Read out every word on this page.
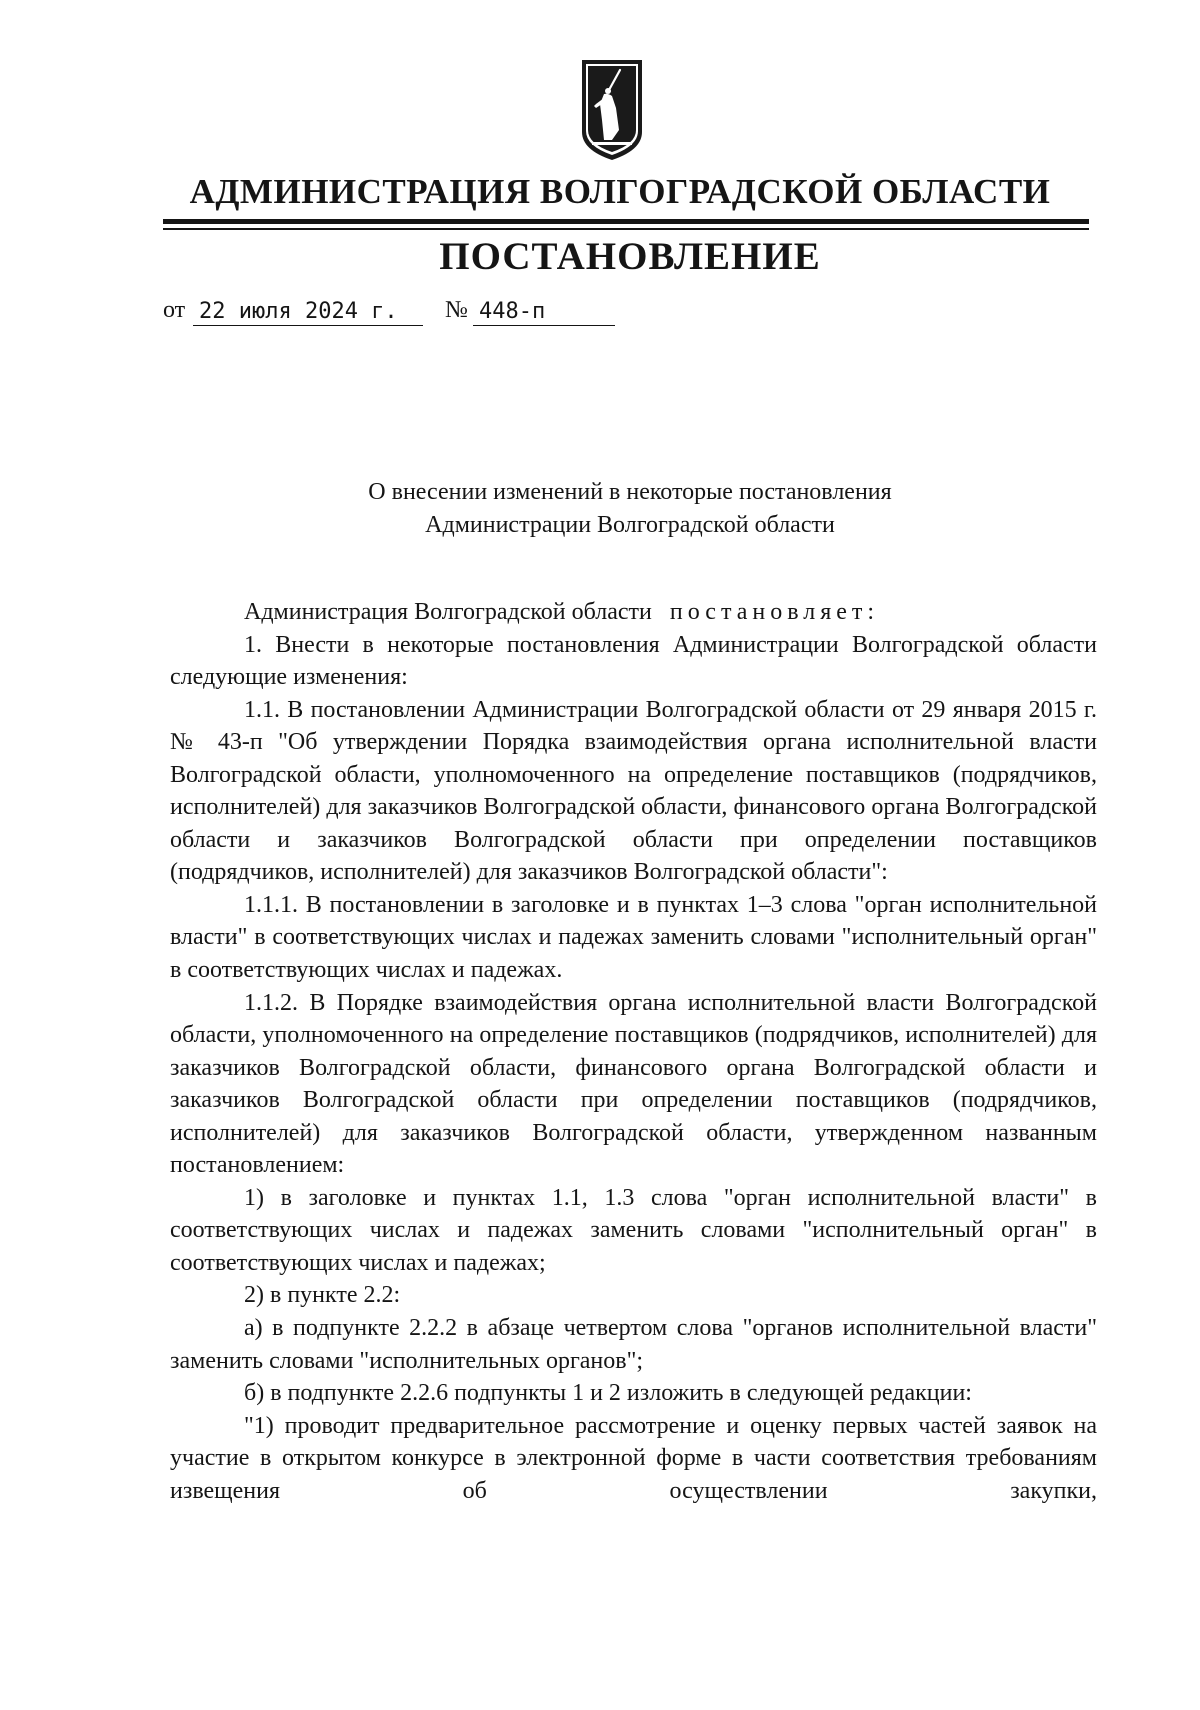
АДМИНИСТРАЦИЯ ВОЛГОГРАДСКОЙ ОБЛАСТИ
ПОСТАНОВЛЕНИЕ
от 22 июля 2024 г.	№ 448-п
О внесении изменений в некоторые постановления
Администрации Волгоградской области

Администрация Волгоградской области постановляет:

1. Внести в некоторые постановления Администрации Волгоградской области следующие изменения:

1.1. В постановлении Администрации Волгоградской области от 29 января 2015 г. № 43-п "Об утверждении Порядка взаимодействия органа исполнительной власти Волгоградской области, уполномоченного на определение поставщиков (подрядчиков, исполнителей) для заказчиков Волгоградской области, финансового органа Волгоградской области и заказчиков Волгоградской области при определении поставщиков (подрядчиков, исполнителей) для заказчиков Волгоградской области":

1.1.1. В постановлении в заголовке и в пунктах 1–3 слова "орган исполнительной власти" в соответствующих числах и падежах заменить словами "исполнительный орган" в соответствующих числах и падежах.

1.1.2. В Порядке взаимодействия органа исполнительной власти Волгоградской области, уполномоченного на определение поставщиков (подрядчиков, исполнителей) для заказчиков Волгоградской области, финансового органа Волгоградской области и заказчиков Волгоградской области при определении поставщиков (подрядчиков, исполнителей) для заказчиков Волгоградской области, утвержденном названным постановлением:

1) в заголовке и пунктах 1.1, 1.3 слова "орган исполнительной власти" в соответствующих числах и падежах заменить словами "исполнительный орган" в соответствующих числах и падежах;

2) в пункте 2.2:

а) в подпункте 2.2.2 в абзаце четвертом слова "органов исполнительной власти" заменить словами "исполнительных органов";

б) в подпункте 2.2.6 подпункты 1 и 2 изложить в следующей редакции:

"1) проводит предварительное рассмотрение и оценку первых частей заявок на участие в открытом конкурсе в электронной форме в части соответствия требованиям извещения об осуществлении закупки,
